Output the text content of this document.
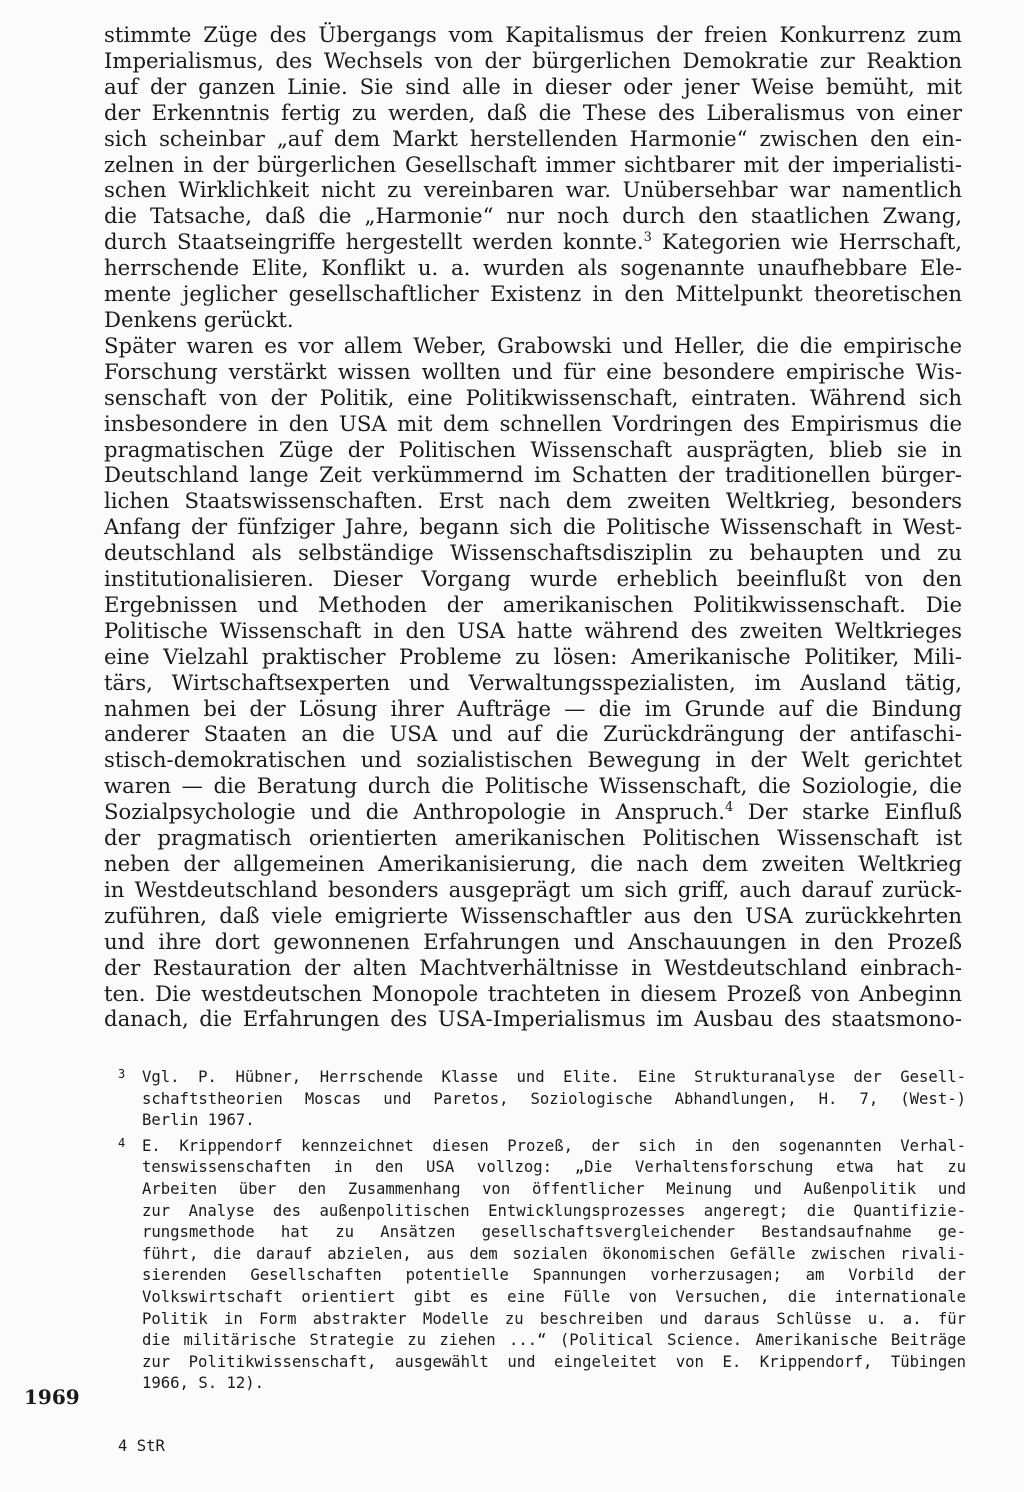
stimmte Züge des Übergangs vom Kapitalismus der freien Konkurrenz zum
Imperialismus, des Wechsels von der bürgerlichen Demokratie zur Reaktion
auf der ganzen Linie. Sie sind alle in dieser oder jener Weise bemüht, mit
der Erkenntnis fertig zu werden, daß die These des Liberalismus von einer
sich scheinbar „auf dem Markt herstellenden Harmonie“ zwischen den ein-
zelnen in der bürgerlichen Gesellschaft immer sichtbarer mit der imperialisti-
schen Wirklichkeit nicht zu vereinbaren war. Unübersehbar war namentlich
die Tatsache, daß die „Harmonie“ nur noch durch den staatlichen Zwang,
durch Staatseingriffe hergestellt werden konnte.$^3$ Kategorien wie Herrschaft,
herrschende Elite, Konflikt u. a. wurden als sogenannte unaufhebbare Ele-
mente jeglicher gesellschaftlicher Existenz in den Mittelpunkt theoretischen
Denkens gerückt.
Später waren es vor allem Weber, Grabowski und Heller, die die empirische
Forschung verstärkt wissen wollten und für eine besondere empirische Wis-
senschaft von der Politik, eine Politikwissenschaft, eintraten. Während sich
insbesondere in den USA mit dem schnellen Vordringen des Empirismus die
pragmatischen Züge der Politischen Wissenschaft ausprägten, blieb sie in
Deutschland lange Zeit verkümmernd im Schatten der traditionellen bürger-
lichen Staatswissenschaften. Erst nach dem zweiten Weltkrieg, besonders
Anfang der fünfziger Jahre, begann sich die Politische Wissenschaft in West-
deutschland als selbständige Wissenschaftsdisziplin zu behaupten und zu
institutionalisieren. Dieser Vorgang wurde erheblich beeinflußt von den
Ergebnissen und Methoden der amerikanischen Politikwissenschaft. Die
Politische Wissenschaft in den USA hatte während des zweiten Weltkrieges
eine Vielzahl praktischer Probleme zu lösen: Amerikanische Politiker, Mili-
tärs, Wirtschaftsexperten und Verwaltungsspezialisten, im Ausland tätig,
nahmen bei der Lösung ihrer Aufträge — die im Grunde auf die Bindung
anderer Staaten an die USA und auf die Zurückdrängung der antifaschi-
stisch-demokratischen und sozialistischen Bewegung in der Welt gerichtet
waren — die Beratung durch die Politische Wissenschaft, die Soziologie, die
Sozialpsychologie und die Anthropologie in Anspruch.$^4$ Der starke Einfluß
der pragmatisch orientierten amerikanischen Politischen Wissenschaft ist
neben der allgemeinen Amerikanisierung, die nach dem zweiten Weltkrieg
in Westdeutschland besonders ausgeprägt um sich griff, auch darauf zurück-
zuführen, daß viele emigrierte Wissenschaftler aus den USA zurückkehrten
und ihre dort gewonnenen Erfahrungen und Anschauungen in den Prozeß
der Restauration der alten Machtverhältnisse in Westdeutschland einbrach-
ten. Die westdeutschen Monopole trachteten in diesem Prozeß von Anbeginn
danach, die Erfahrungen des USA-Imperialismus im Ausbau des staatsmono-
3 Vgl. P. Hübner, Herrschende Klasse und Elite. Eine Strukturanalyse der Gesell-
schaftstheorien Moscas und Paretos, Soziologische Abhandlungen, H. 7, (West-)
Berlin 1967.
4 E. Krippendorf kennzeichnet diesen Prozeß, der sich in den sogenannten Verhal-
tenswissenschaften in den USA vollzog: „Die Verhaltensforschung etwa hat zu
Arbeiten über den Zusammenhang von öffentlicher Meinung und Außenpolitik und
zur Analyse des außenpolitischen Entwicklungsprozesses angeregt; die Quantifizie-
rungsmethode hat zu Ansätzen gesellschaftsvergleichender Bestandsaufnahme ge-
führt, die darauf abzielen, aus dem sozialen ökonomischen Gefälle zwischen rivali-
sierenden Gesellschaften potentielle Spannungen vorherzusagen; am Vorbild der
Volkswirtschaft orientiert gibt es eine Fülle von Versuchen, die internationale
Politik in Form abstrakter Modelle zu beschreiben und daraus Schlüsse u. a. für
die militärische Strategie zu ziehen ...“ (Political Science. Amerikanische Beiträge
zur Politikwissenschaft, ausgewählt und eingeleitet von E. Krippendorf, Tübingen
1966, S. 12).
1969
4 StR
